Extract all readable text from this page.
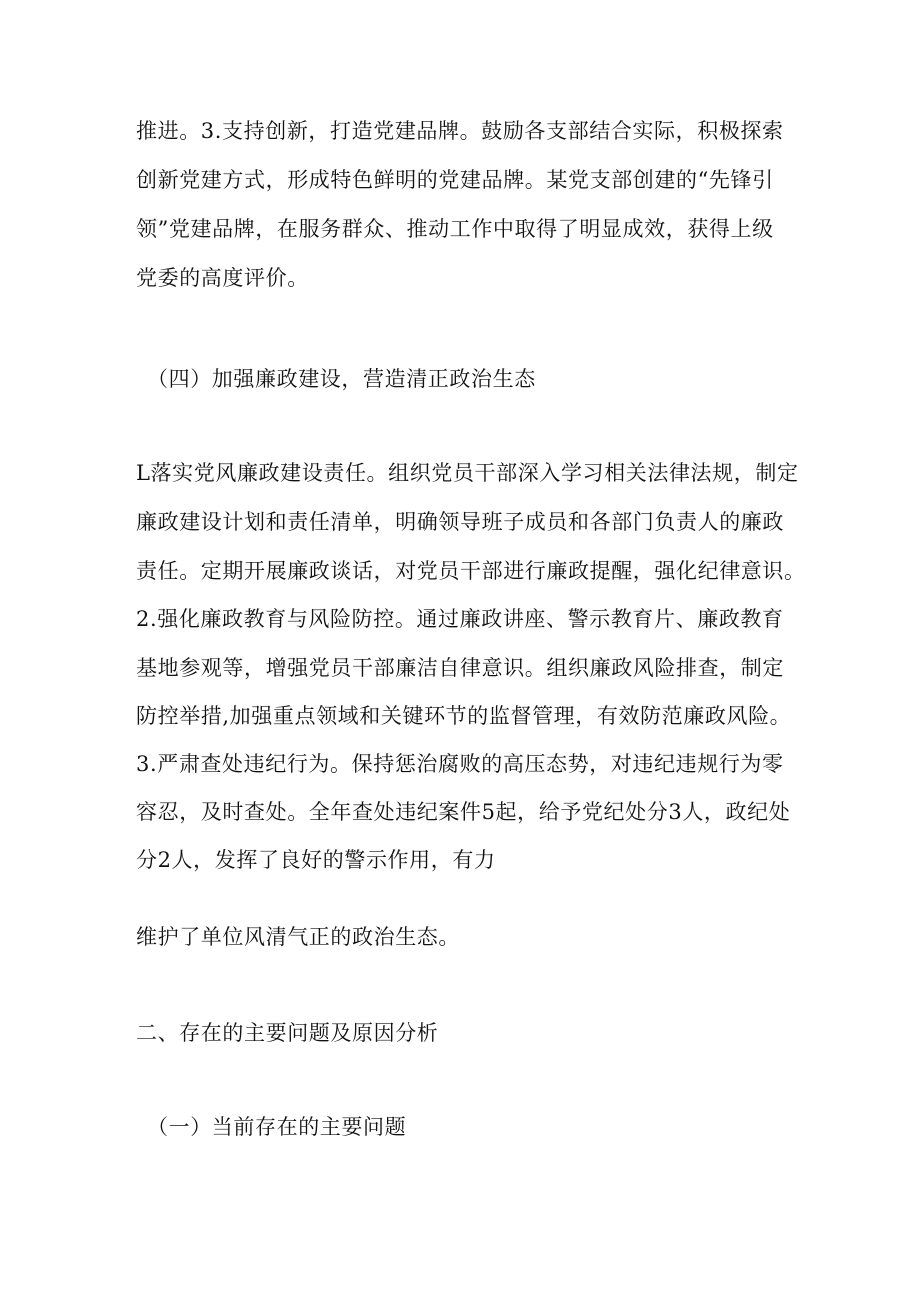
推进。3.支持创新，打造党建品牌。鼓励各支部结合实际，积极探索
创新党建方式，形成特色鲜明的党建品牌。某党支部创建的“先锋引
领”党建品牌，在服务群众、推动工作中取得了明显成效，获得上级
党委的高度评价。
（四）加强廉政建设，营造清正政治生态
L落实党风廉政建设责任。组织党员干部深入学习相关法律法规，制定
廉政建设计划和责任清单，明确领导班子成员和各部门负责人的廉政
责任。定期开展廉政谈话，对党员干部进行廉政提醒，强化纪律意识。
2.强化廉政教育与风险防控。通过廉政讲座、警示教育片、廉政教育
基地参观等，增强党员干部廉洁自律意识。组织廉政风险排查，制定
防控举措,加强重点领域和关键环节的监督管理，有效防范廉政风险。
3.严肃查处违纪行为。保持惩治腐败的高压态势，对违纪违规行为零
容忍，及时查处。全年查处违纪案件5起，给予党纪处分3人，政纪处
分2人，发挥了良好的警示作用，有力
维护了单位风清气正的政治生态。
二、存在的主要问题及原因分析
（一）当前存在的主要问题
